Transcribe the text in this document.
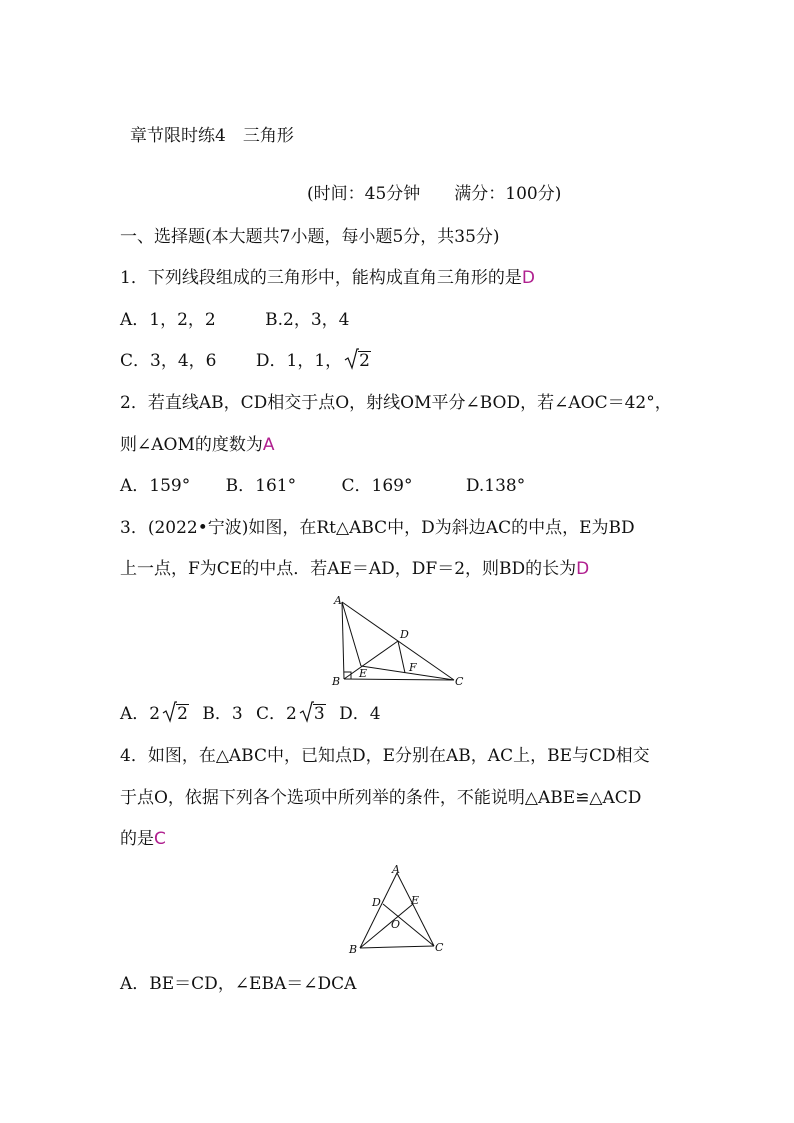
章节限时练4　三角形
(时间：45分钟　　满分：100分)
一、选择题(本大题共7小题，每小题5分，共35分)
1．下列线段组成的三角形中，能构成直角三角形的是D
A．1，2，2	B.2，3，4
C．3，4，6 D．1，1， 2
2．若直线AB，CD相交于点O，射线OM平分∠BOD，若∠AOC＝42°，
则∠AOM的度数为A
A．159° B．161°	C．169°	D.138°
3．(2022•宁波)如图，在Rt△ABC中，D为斜边AC的中点，E为BD
上一点，F为CE的中点．若AE＝AD，DF＝2，则BD的长为D
A
D
E	F
B	C
A．2 2 B．3 C．2 3 D．4
4．如图，在△ABC中，已知点D，E分别在AB，AC上，BE与CD相交
于点O，依据下列各个选项中所列举的条件，不能说明△ABE≌△ACD
的是C
A
D	E
O
B	C
A．BE＝CD，∠EBA＝∠DCA
